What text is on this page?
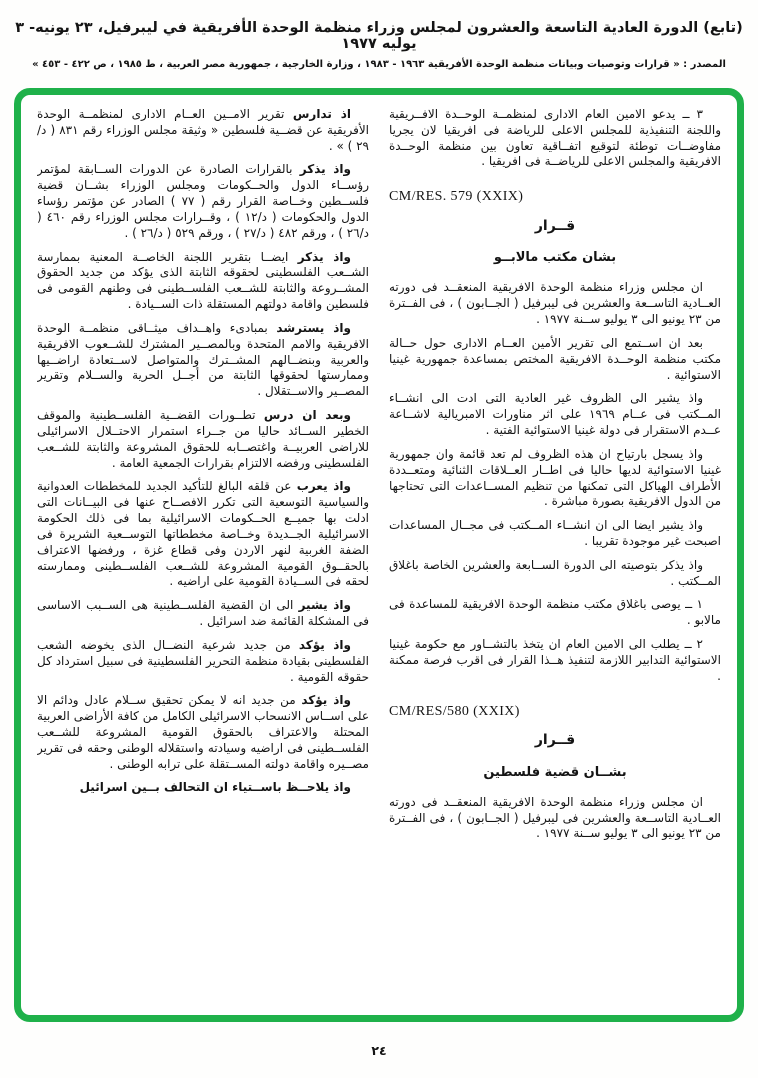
(تابع) الدورة العادية التاسعة والعشرون لمجلس وزراء منظمة الوحدة الأفريقية في ليبرفيل، ٢٣ يونيه- ٣ يوليه ١٩٧٧
المصدر : « قرارات وتوصيات وبيانات منظمة الوحدة الأفريقية ١٩٦٣ - ١٩٨٣ ، وزارة الخارجية ، جمهورية مصر العربية ، ط ١٩٨٥ ، ص ٤٢٢ - ٤٥٣ »

٣ ــ يدعو الامين العام الادارى لمنظمــة الوحــدة الافــريقية واللجنة التنفيذية للمجلس الاعلى للرياضة فى افريقيا لان يجريا مفاوضــات توطئة لتوقيع اتفــاقية تعاون بين منظمة الوحــدة الافريقية والمجلس الاعلى للرياضــة فى افريقيا .

CM/RES. 579 (XXIX)

قــرار

بشان مكتب مالابــو

ان مجلس وزراء منظمة الوحدة الافريقية المنعقــد فى دورته العــادية التاســعة والعشرين فى ليبرفيل ( الجــابون ) ، فى الفــترة من ٢٣ يونيو الى ٣ يوليو ســنة ١٩٧٧ .

بعد ان اســتمع الى تقرير الأمين العــام الادارى حول حــالة مكتب منظمة الوحــدة الافريقية المختص بمساعدة جمهورية غينيا الاستوائية .

واذ يشير الى الظروف غير العادية التى ادت الى انشــاء المــكتب فى عــام ١٩٦٩ على اثر مناورات الامبريالية لاشــاعة عــدم الاستقرار فى دولة غينيا الاستوائية الفتية .

واذ يسجل بارتياح ان هذه الظروف لم تعد قائمة وان جمهورية غينيا الاستوائية لديها حاليا فى اطــار العــلاقات الثنائية ومتعــددة الأطراف الهياكل التى تمكنها من تنظيم المســاعدات التى تحتاجها من الدول الافريقية بصورة مباشرة .

واذ يشير ايضا الى ان انشــاء المــكتب فى مجــال المساعدات اصبحت غير موجودة تقريبا .

واذ يذكر بتوصيته الى الدورة الســابعة والعشرين الخاصة باغلاق المــكتب .

١ ــ يوصى باغلاق مكتب منظمة الوحدة الافريقية للمساعدة فى مالابو .

٢ ــ يطلب الى الامين العام ان يتخذ بالتشــاور مع حكومة غينيا الاستوائية التدابير اللازمة لتنفيذ هــذا القرار فى اقرب فرصة ممكنة .

CM/RES/580 (XXIX)

قــرار

بشــان قضية فلسطين

ان مجلس وزراء منظمة الوحدة الافريقية المنعقــد فى دورته العــادية التاســعة والعشرين فى ليبرفيل ( الجــابون ) ، فى الفــترة من ٢٣ يونيو الى ٣ يوليو ســنة ١٩٧٧ .

اذ تدارس تقرير الامــين العــام الادارى لمنظمــة الوحدة الأفريقية عن قضــية فلسطين « وثيقة مجلس الوزراء رقم ٨٣١ ( د/٢٩ ) » .

واذ يذكر بالقرارات الصادرة عن الدورات الســابقة لمؤتمر رؤســاء الدول والحــكومات ومجلس الوزراء بشــان قضية فلســطين وخــاصة القرار رقم ( ٧٧ ) الصادر عن مؤتمر رؤساء الدول والحكومات ( د/١٢ ) ، وقــرارات مجلس الوزراء رقم ٤٦٠ ( د/٢٦ ) ، ورقم ٤٨٢ ( د/٢٧ ) ، ورقم ٥٢٩ ( د/٢٦ ) .

واذ يذكر ايضــا بتقرير اللجنة الخاصــة المعنية بممارسة الشــعب الفلسطينى لحقوقه الثابتة الذى يؤكد من جديد الحقوق المشــروعة والثابتة للشــعب الفلســطينى فى وطنهم القومى فى فلسطين واقامة دولتهم المستقلة ذات الســيادة .

واذ يسترشد بمبادىء واهــداف ميثــاقى منظمــة الوحدة الافريقية والامم المتحدة وبالمصــير المشترك للشــعوب الافريقية والعربية وبنضــالهم المشــترك والمتواصل لاســتعادة اراضــيها وممارستها لحقوقها الثابتة من أجــل الحرية والســلام وتقرير المصــير والاســتقلال .

وبعد ان درس تطــورات القضــية الفلســطينية والموقف الخطير الســائد حاليا من جــراء استمرار الاحتــلال الاسرائيلى للاراضى العربيــة واغتصــابه للحقوق المشروعة والثابتة للشــعب الفلسطينى ورفضه الالتزام بقرارات الجمعية العامة .

واذ يعرب عن قلقه البالغ للتأكيد الجديد للمخططات العدوانية والسياسية التوسعية التى تكرر الافصــاح عنها فى البيــانات التى ادلت بها جميــع الحــكومات الاسرائيلية بما فى ذلك الحكومة الاسرائيلية الجــديدة وخــاصة مخططاتها التوســعية الشريرة فى الضفة الغربية لنهر الاردن وفى قطاع غزة ، ورفضها الاعتراف بالحقــوق القومية المشروعة للشــعب الفلســطينى وممارسته لحقه فى الســيادة القومية على اراضيه .

واذ يشير الى ان القضية الفلســطينية هى الســبب الاساسى فى المشكلة القائمة ضد اسرائيل .

واذ يؤكد من جديد شرعية النضــال الذى يخوضه الشعب الفلسطينى بقيادة منظمة التحرير الفلسطينية فى سبيل استرداد كل حقوقه القومية .

واذ يؤكد من جديد انه لا يمكن تحقيق ســلام عادل ودائم الا على اســاس الانسحاب الاسرائيلى الكامل من كافة الأراضى العربية المحتلة والاعتراف بالحقوق القومية المشروعة للشــعب الفلســطينى فى اراضيه وسيادته واستقلاله الوطنى وحقه فى تقرير مصــيره واقامة دولته المســتقلة على ترابه الوطنى .

واذ يلاحــظ باســتياء ان التحالف بــين اسرائيل

٢٤
